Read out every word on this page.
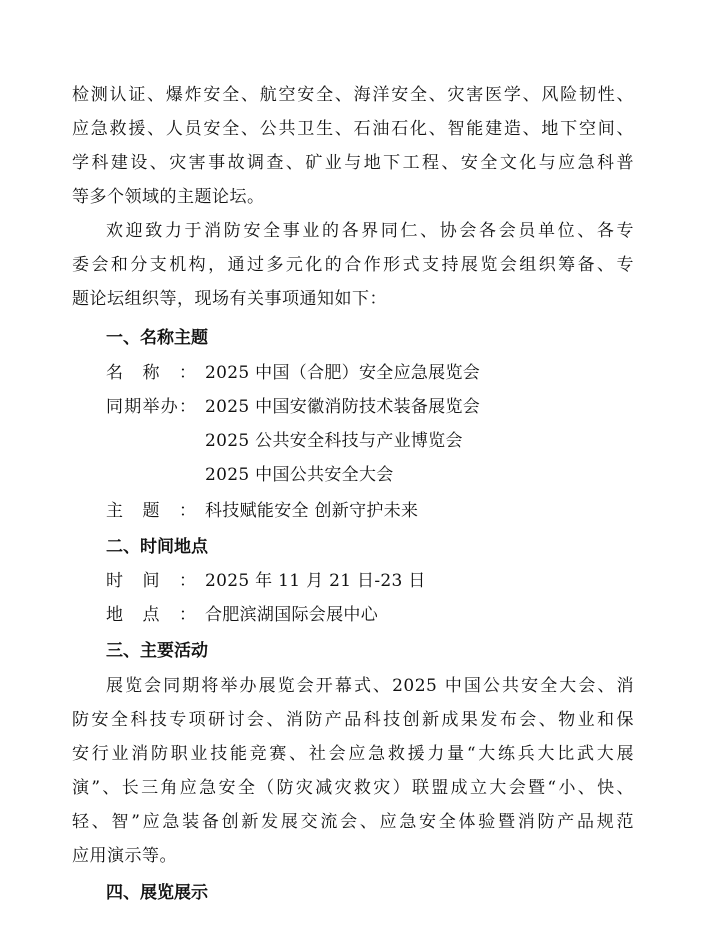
检测认证、爆炸安全、航空安全、海洋安全、灾害医学、风险韧性、
应急救援、人员安全、公共卫生、石油石化、智能建造、地下空间、
学科建设、灾害事故调查、矿业与地下工程、安全文化与应急科普
等多个领域的主题论坛。
欢迎致力于消防安全事业的各界同仁、协会各会员单位、各专
委会和分支机构，通过多元化的合作形式支持展览会组织筹备、专
题论坛组织等，现场有关事项通知如下：
一、名称主题
名称： 2025 中国（合肥）安全应急展览会
同期举办： 2025 中国安徽消防技术装备展览会
2025 公共安全科技与产业博览会
2025 中国公共安全大会
主题： 科技赋能安全 创新守护未来
二、时间地点
时间： 2025 年 11 月 21 日-23 日
地点： 合肥滨湖国际会展中心
三、主要活动
展览会同期将举办展览会开幕式、2025 中国公共安全大会、消
防安全科技专项研讨会、消防产品科技创新成果发布会、物业和保
安行业消防职业技能竞赛、社会应急救援力量“大练兵大比武大展
演”、长三角应急安全（防灾减灾救灾）联盟成立大会暨“小、快、
轻、智”应急装备创新发展交流会、应急安全体验暨消防产品规范
应用演示等。
四、展览展示
